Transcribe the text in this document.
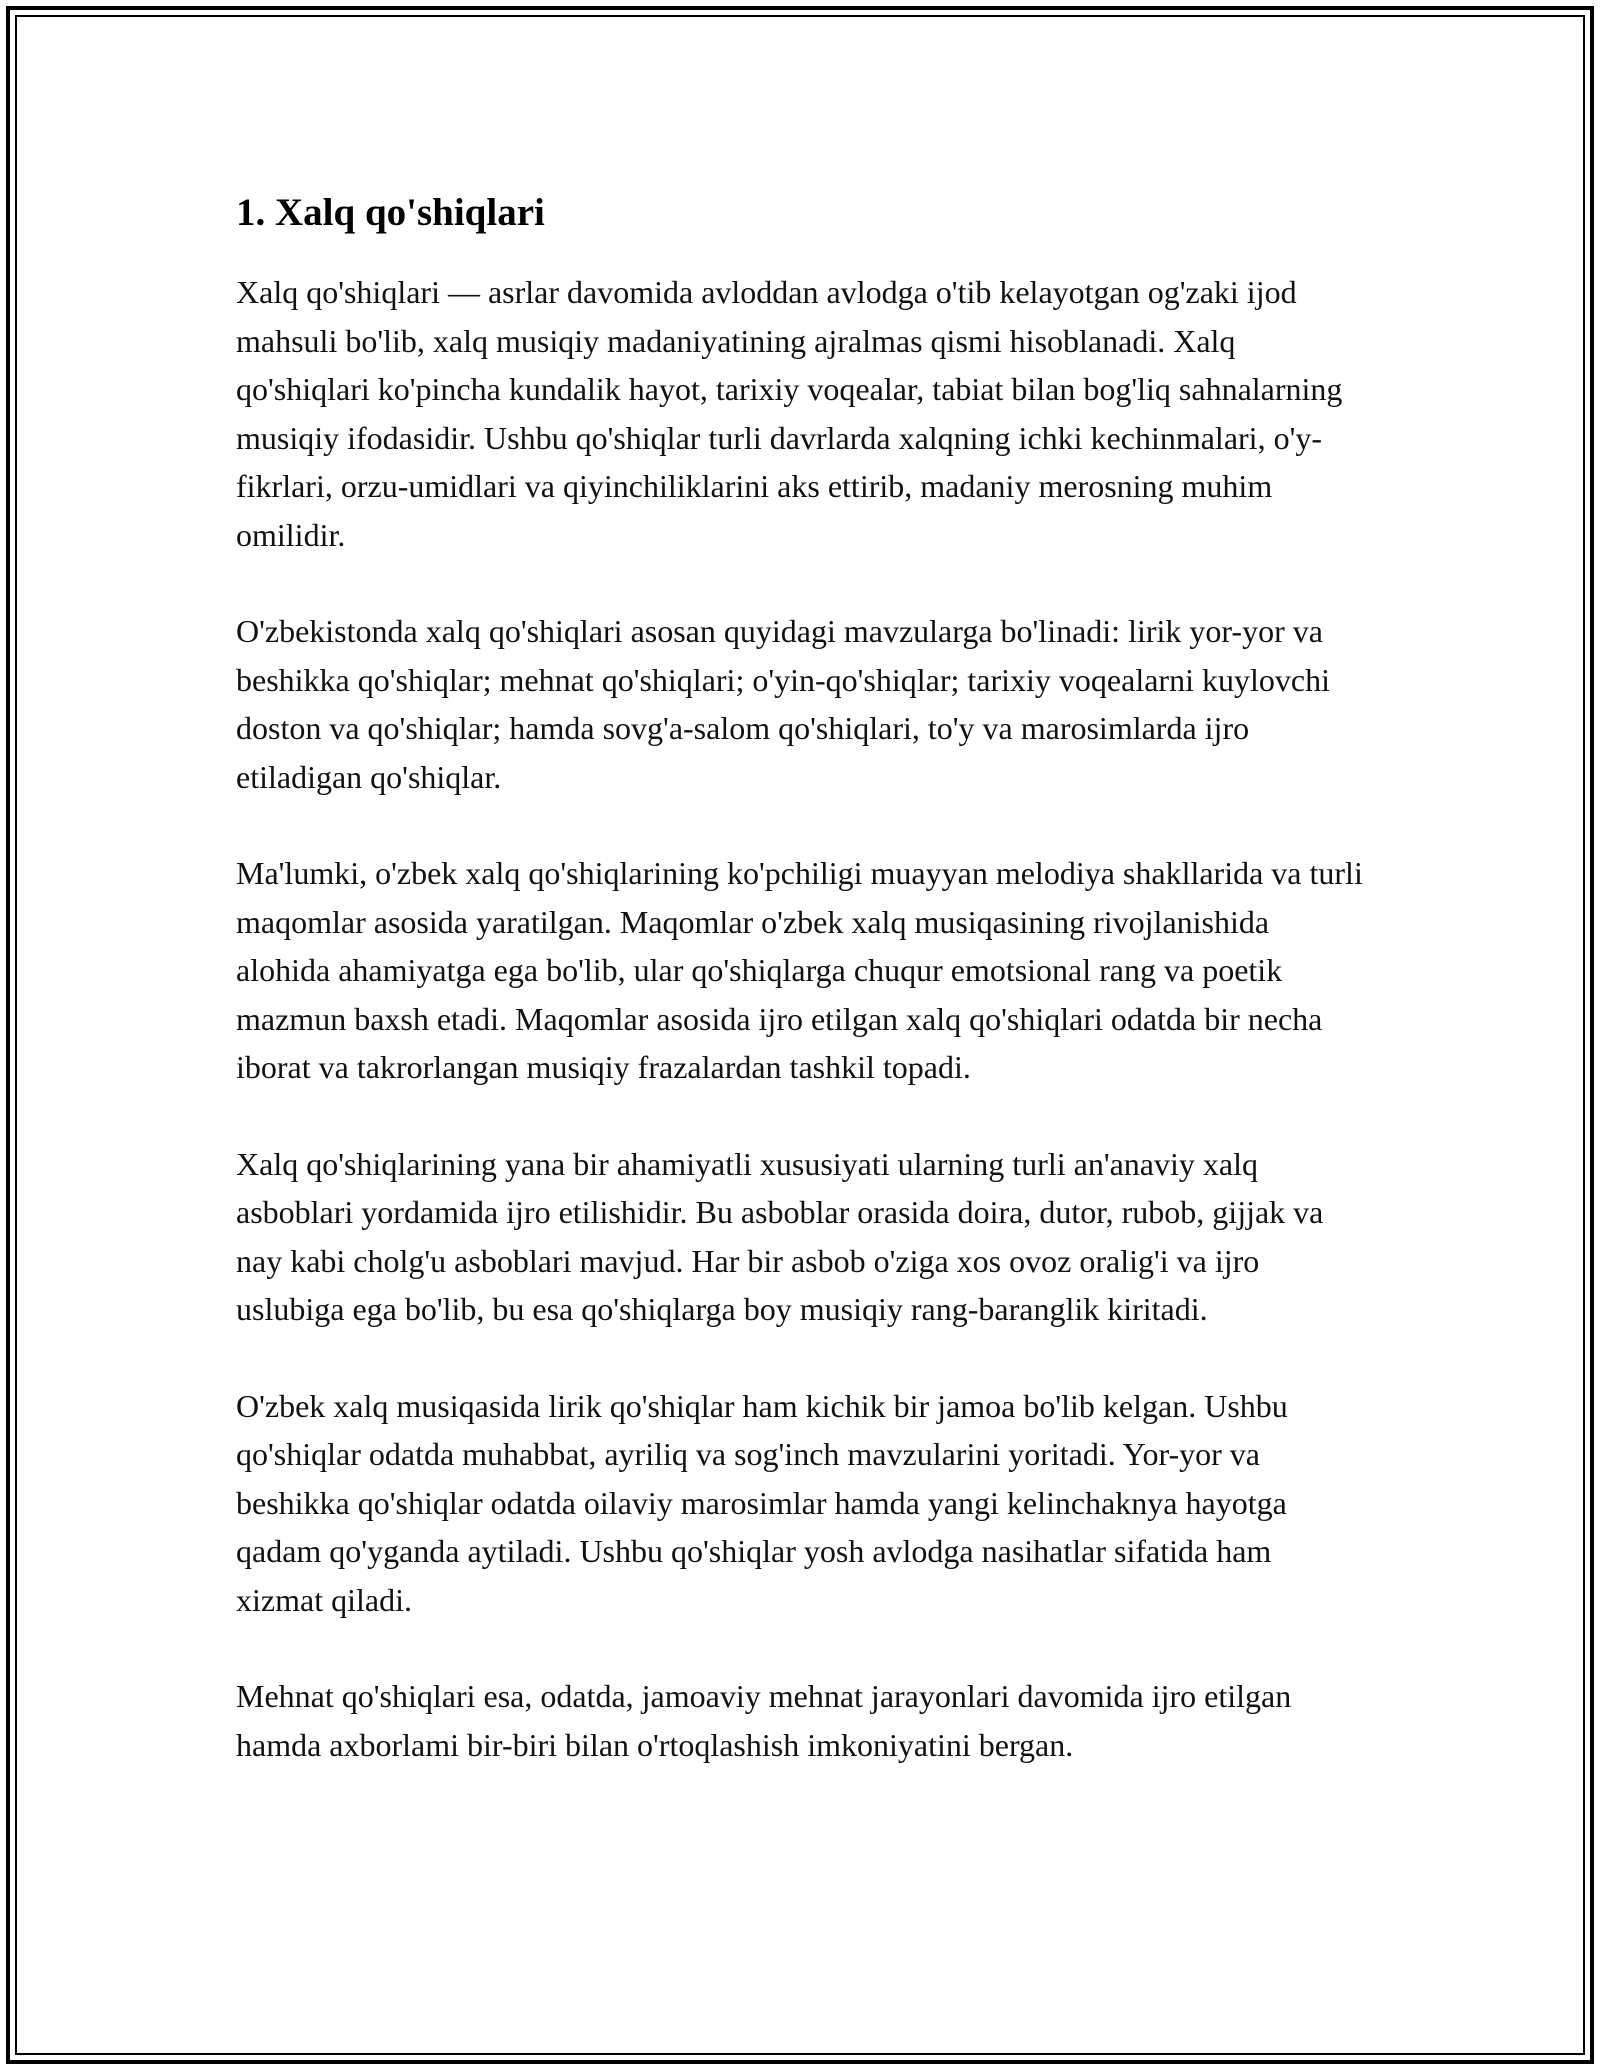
1. Xalq qo'shiqlari

Xalq qo'shiqlari — asrlar davomida avloddan avlodga o'tib kelayotgan og'zaki ijod mahsuli bo'lib, xalq musiqiy madaniyatining ajralmas qismi hisoblanadi. Xalq qo'shiqlari ko'pincha kundalik hayot, tarixiy voqealar, tabiat bilan bog'liq sahnalarning musiqiy ifodasidir. Ushbu qo'shiqlar turli davrlarda xalqning ichki kechinmalari, o'y-fikrlari, orzu-umidlari va qiyinchiliklarini aks ettirib, madaniy merosning muhim omilidir.

O'zbekistonda xalq qo'shiqlari asosan quyidagi mavzularga bo'linadi: lirik yor-yor va beshikka qo'shiqlar; mehnat qo'shiqlari; o'yin-qo'shiqlar; tarixiy voqealarni kuylovchi doston va qo'shiqlar; hamda sovg'a-salom qo'shiqlari, to'y va marosimlarda ijro etiladigan qo'shiqlar.

Ma'lumki, o'zbek xalq qo'shiqlarining ko'pchiligi muayyan melodiya shakllarida va turli maqomlar asosida yaratilgan. Maqomlar o'zbek xalq musiqasining rivojlanishida alohida ahamiyatga ega bo'lib, ular qo'shiqlarga chuqur emotsional rang va poetik mazmun baxsh etadi. Maqomlar asosida ijro etilgan xalq qo'shiqlari odatda bir necha iborat va takrorlangan musiqiy frazalardan tashkil topadi.

Xalq qo'shiqlarining yana bir ahamiyatli xususiyati ularning turli an'anaviy xalq asboblari yordamida ijro etilishidir. Bu asboblar orasida doira, dutor, rubob, gijjak va nay kabi cholg'u asboblari mavjud. Har bir asbob o'ziga xos ovoz oralig'i va ijro uslubiga ega bo'lib, bu esa qo'shiqlarga boy musiqiy rang-baranglik kiritadi.

O'zbek xalq musiqasida lirik qo'shiqlar ham kichik bir jamoa bo'lib kelgan. Ushbu qo'shiqlar odatda muhabbat, ayriliq va sog'inch mavzularini yoritadi. Yor-yor va beshikka qo'shiqlar odatda oilaviy marosimlar hamda yangi kelinchaknya hayotga qadam qo'yganda aytiladi. Ushbu qo'shiqlar yosh avlodga nasihatlar sifatida ham xizmat qiladi.

Mehnat qo'shiqlari esa, odatda, jamoaviy mehnat jarayonlari davomida ijro etilgan hamda axborlami bir-biri bilan o'rtoqlashish imkoniyatini bergan.
